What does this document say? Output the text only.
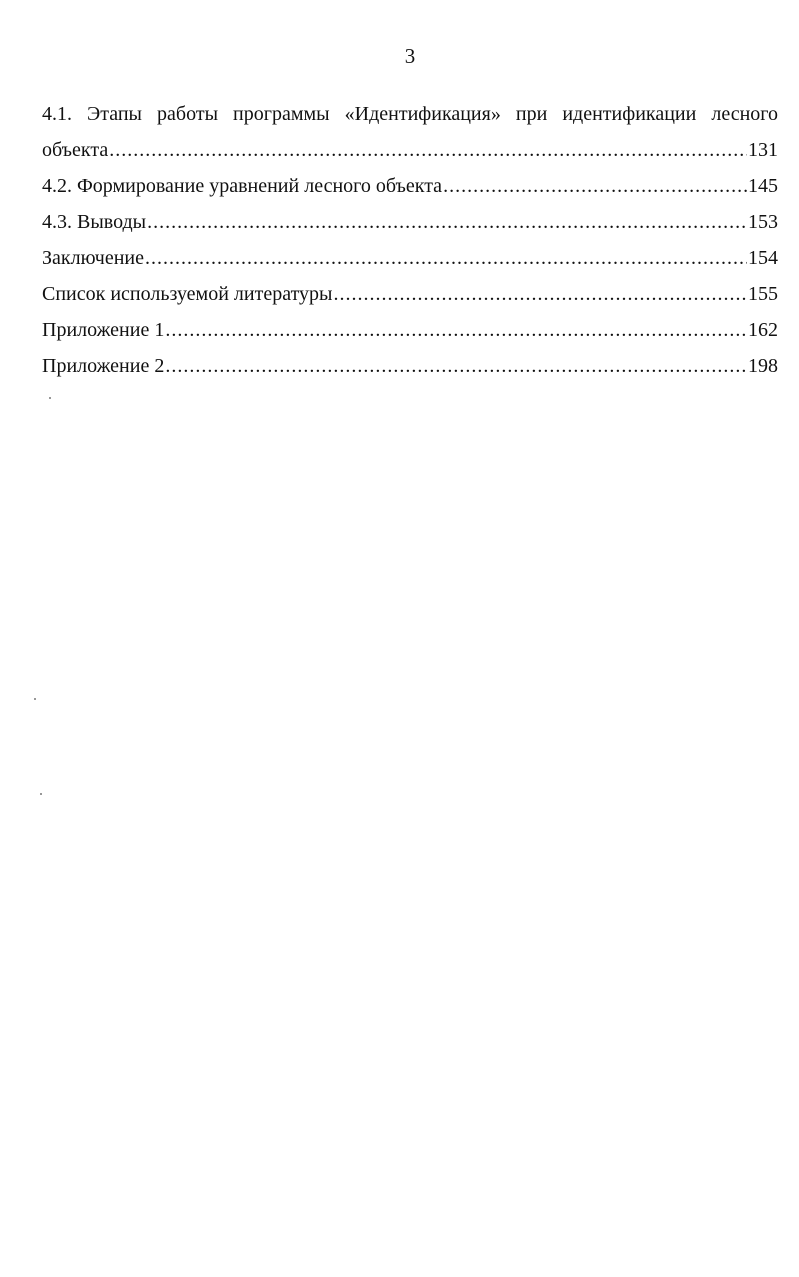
3
4.1. Этапы работы программы «Идентификация» при идентификации лесного
объекта .....	131
4.2. Формирование уравнений лесного объекта .....	145
4.3. Выводы .....	153
Заключение .....	154
Список используемой литературы .....	155
Приложение 1 .....	162
Приложение 2 .....	198
